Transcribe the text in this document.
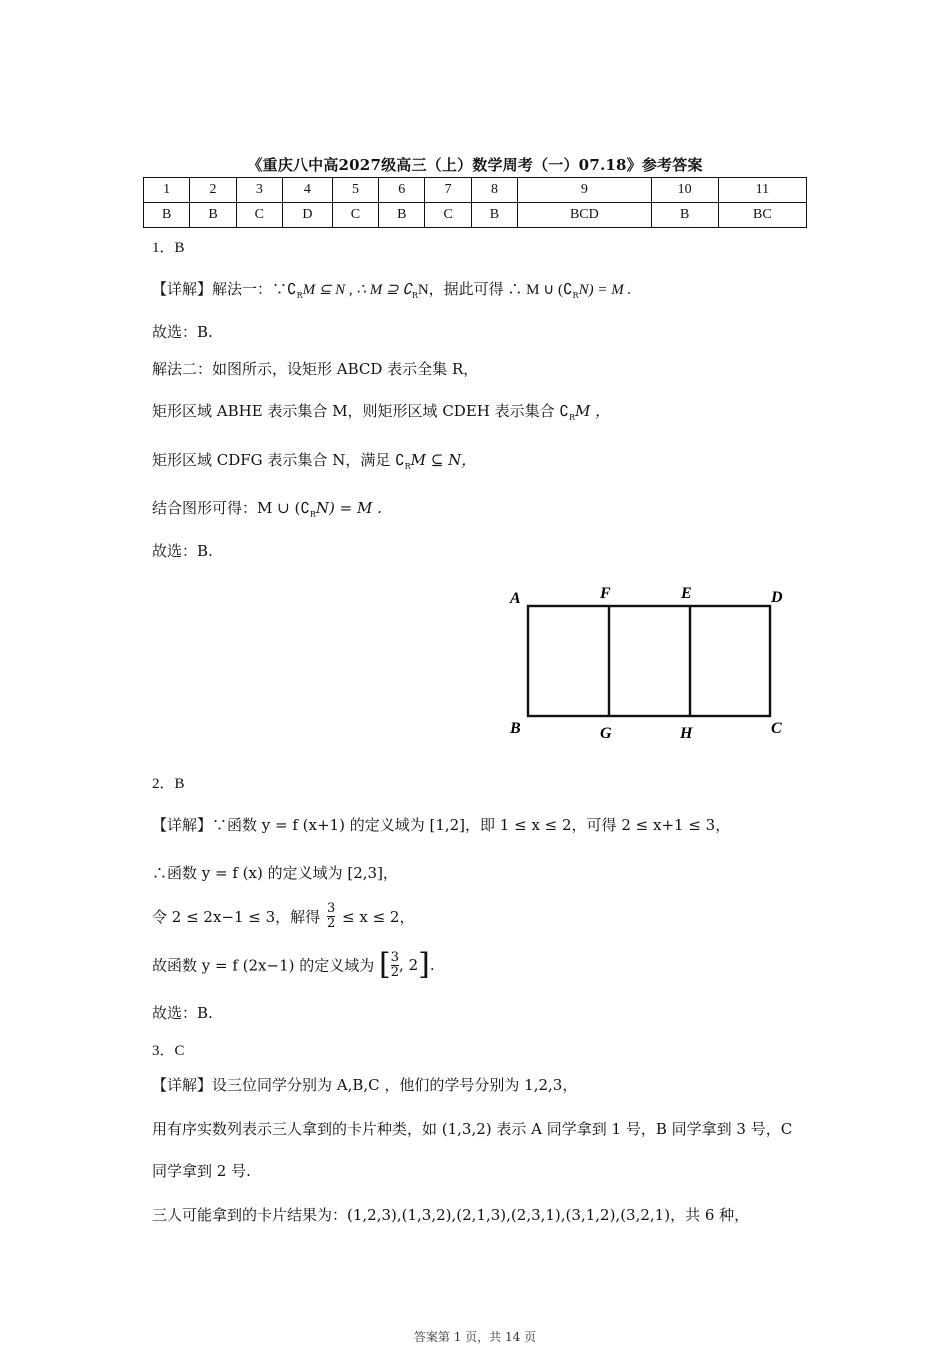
《重庆八中高2027级高三（上）数学周考（一）07.18》参考答案
1	2	3	4	5	6	7	8	9	10	11
B	B	C	D	C	B	C	B	BCD	B	BC
1．B
【详解】解法一：$\because∁_RM$ ⊆ N , ∴ M ⊇ $∁_RN$，据此可得 ∴ M ∪ $(∁_RN) = M$ .
故选：B.
解法二：如图所示，设矩形 ABCD 表示全集 R，
矩形区域 ABHE 表示集合 M，则矩形区域 CDEH 表示集合 $∁_RM$ ，
矩形区域 CDFG 表示集合 N，满足 $∁_RM$ ⊆ N，
结合图形可得：M ∪ $(∁_RN) = M$ .
故选：B.
A	F	E	D
B	G	H	C
2．B
【详解】∵函数 y = f (x+1) 的定义域为 [1,2]，即 1 ≤ x ≤ 2，可得 2 ≤ x+1 ≤ 3，
∴函数 y = f (x) 的定义域为 [2,3]，
令 2 ≤ 2x−1 ≤ 3，解得 $\frac{3}{2} \le x \le 2$，
故函数 y = f (2x−1) 的定义域为 [ $\frac{3}{2}$ , 2].
故选：B.
3．C
【详解】设三位同学分别为 A,B,C ，他们的学号分别为 1,2,3，
用有序实数列表示三人拿到的卡片种类，如 (1,3,2) 表示 A 同学拿到 1 号，B 同学拿到 3 号，C
同学拿到 2 号.
三人可能拿到的卡片结果为：(1,2,3),(1,3,2),(2,1,3),(2,3,1),(3,1,2),(3,2,1)，共 6 种，
答案第 1 页，共 14 页
